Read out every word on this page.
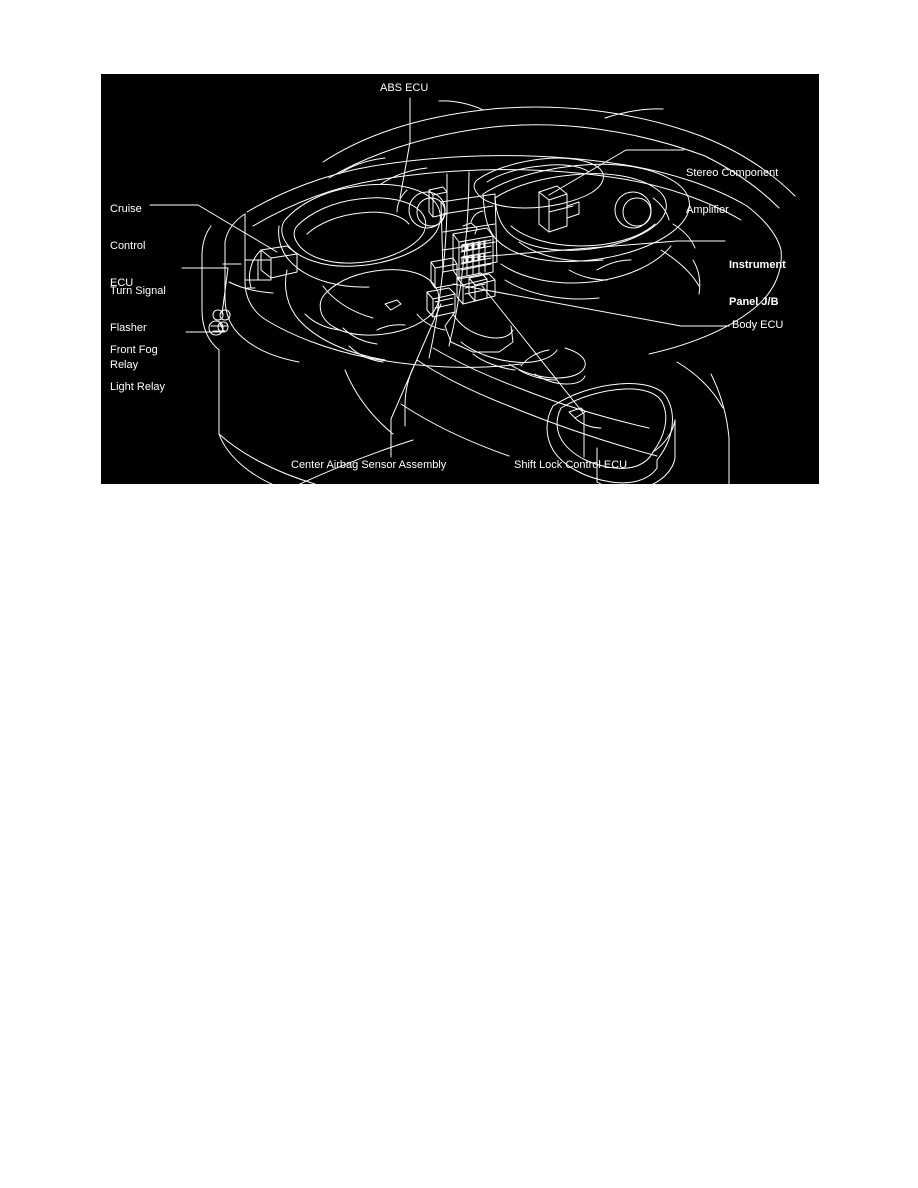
ABS ECU

Stereo Component

Amplifier

Instrument

Panel J/B

Body ECU

Cruise

Control

ECU

Turn Signal

Flasher

Relay

Front Fog

Light Relay

Center Airbag Sensor Assembly	Shift Lock Control ECU
